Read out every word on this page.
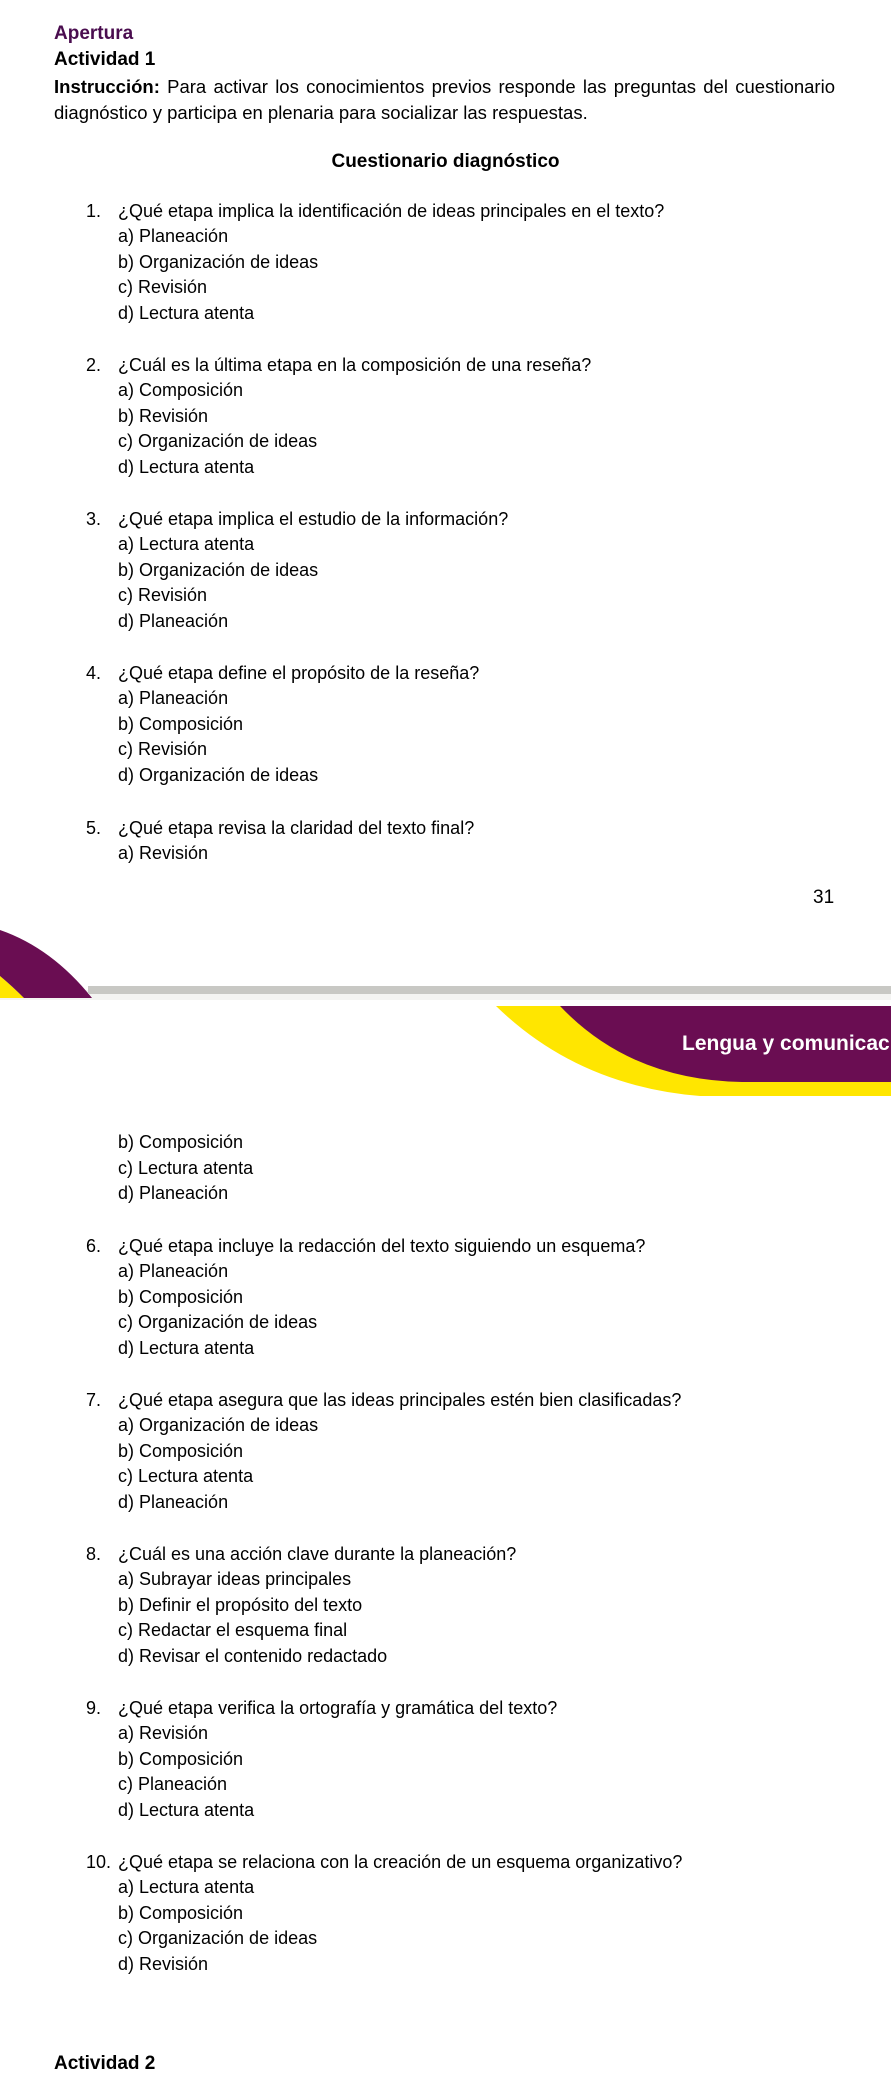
Apertura
Actividad 1

Instrucción: Para activar los conocimientos previos responde las preguntas del cuestionario diagnóstico y participa en plenaria para socializar las respuestas.

Cuestionario diagnóstico
1. ¿Qué etapa implica la identificación de ideas principales en el texto?
a) Planeación
b) Organización de ideas
c) Revisión
d) Lectura atenta
2. ¿Cuál es la última etapa en la composición de una reseña?
a) Composición
b) Revisión
c) Organización de ideas
d) Lectura atenta
3. ¿Qué etapa implica el estudio de la información?
a) Lectura atenta
b) Organización de ideas
c) Revisión
d) Planeación
4. ¿Qué etapa define el propósito de la reseña?
a) Planeación
b) Composición
c) Revisión
d) Organización de ideas
5. ¿Qué etapa revisa la claridad del texto final?
a) Revisión
31
Lengua y comunicac
b) Composición
c) Lectura atenta
d) Planeación
6. ¿Qué etapa incluye la redacción del texto siguiendo un esquema?
a) Planeación
b) Composición
c) Organización de ideas
d) Lectura atenta
7. ¿Qué etapa asegura que las ideas principales estén bien clasificadas?
a) Organización de ideas
b) Composición
c) Lectura atenta
d) Planeación
8. ¿Cuál es una acción clave durante la planeación?
a) Subrayar ideas principales
b) Definir el propósito del texto
c) Redactar el esquema final
d) Revisar el contenido redactado
9. ¿Qué etapa verifica la ortografía y gramática del texto?
a) Revisión
b) Composición
c) Planeación
d) Lectura atenta
10. ¿Qué etapa se relaciona con la creación de un esquema organizativo?
a) Lectura atenta
b) Composición
c) Organización de ideas
d) Revisión
Actividad 2
